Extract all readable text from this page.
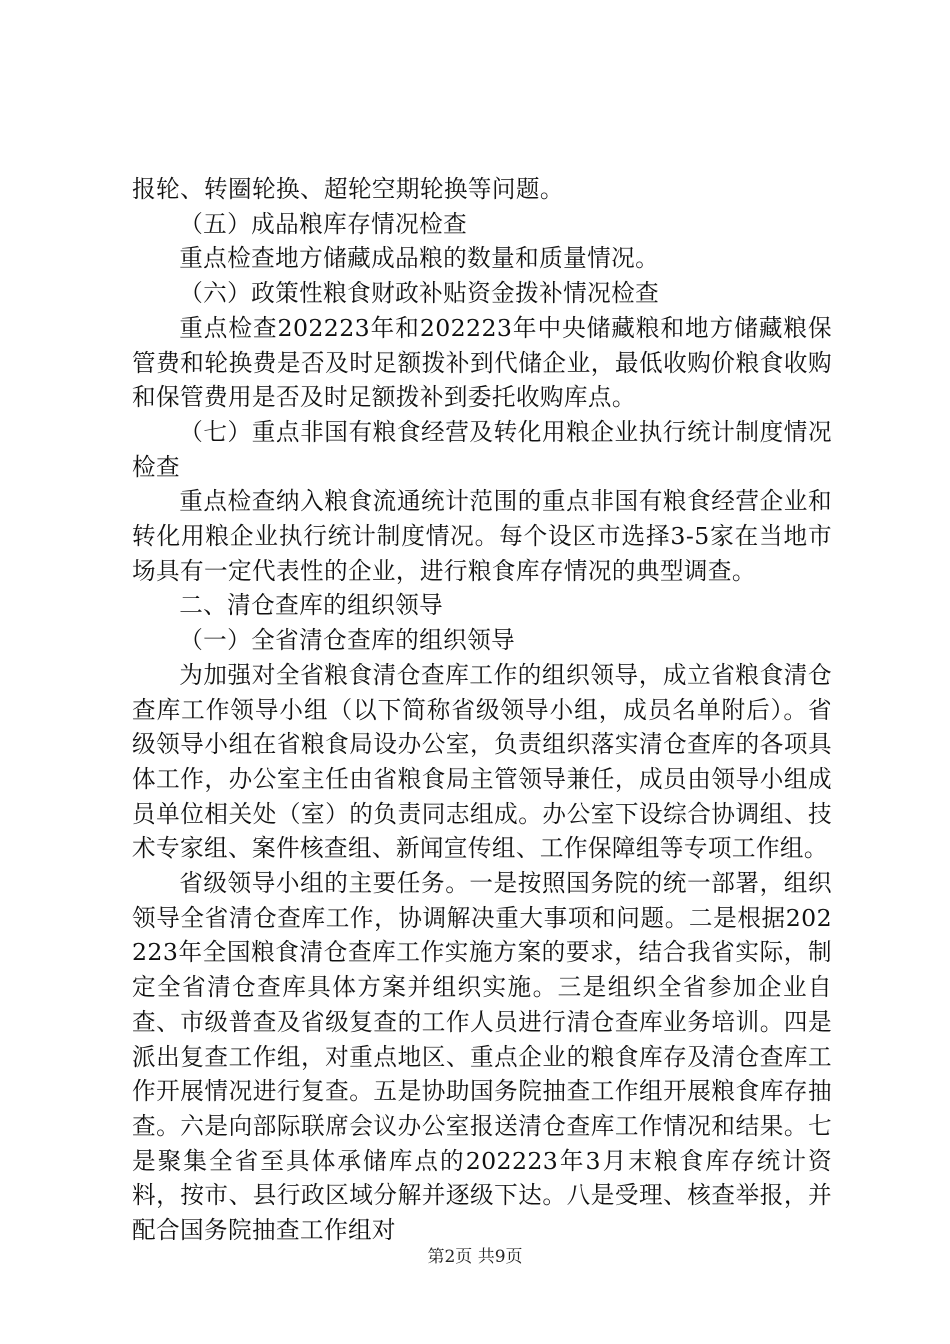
报轮、转圈轮换、超轮空期轮换等问题。

（五）成品粮库存情况检查

重点检查地方储藏成品粮的数量和质量情况。

（六）政策性粮食财政补贴资金拨补情况检查

重点检查202223年和202223年中央储藏粮和地方储藏粮保管费和轮换费是否及时足额拨补到代储企业，最低收购价粮食收购和保管费用是否及时足额拨补到委托收购库点。

（七）重点非国有粮食经营及转化用粮企业执行统计制度情况检查

重点检查纳入粮食流通统计范围的重点非国有粮食经营企业和转化用粮企业执行统计制度情况。每个设区市选择3-5家在当地市场具有一定代表性的企业，进行粮食库存情况的典型调查。

二、清仓查库的组织领导

（一）全省清仓查库的组织领导

为加强对全省粮食清仓查库工作的组织领导，成立省粮食清仓查库工作领导小组（以下简称省级领导小组，成员名单附后）。省级领导小组在省粮食局设办公室，负责组织落实清仓查库的各项具体工作，办公室主任由省粮食局主管领导兼任，成员由领导小组成员单位相关处（室）的负责同志组成。办公室下设综合协调组、技术专家组、案件核查组、新闻宣传组、工作保障组等专项工作组。

省级领导小组的主要任务。一是按照国务院的统一部署，组织领导全省清仓查库工作，协调解决重大事项和问题。二是根据202223年全国粮食清仓查库工作实施方案的要求，结合我省实际，制定全省清仓查库具体方案并组织实施。三是组织全省参加企业自查、市级普查及省级复查的工作人员进行清仓查库业务培训。四是派出复查工作组，对重点地区、重点企业的粮食库存及清仓查库工作开展情况进行复查。五是协助国务院抽查工作组开展粮食库存抽查。六是向部际联席会议办公室报送清仓查库工作情况和结果。七是聚集全省至具体承储库点的202223年3月末粮食库存统计资料，按市、县行政区域分解并逐级下达。八是受理、核查举报，并配合国务院抽查工作组对

第2页 共9页
